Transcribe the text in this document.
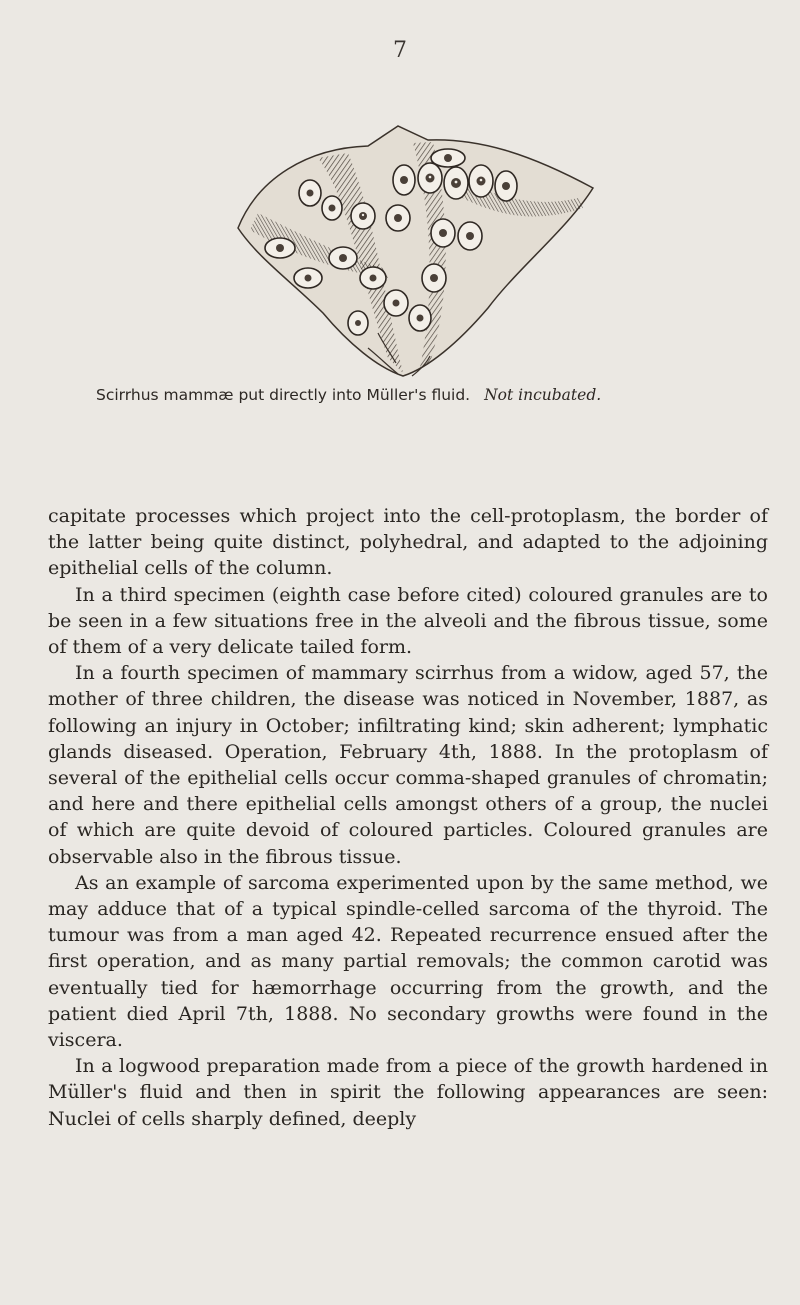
7
Scirrhus mammæ put directly into Müller's fluid. Not incubated.

capitate processes which project into the cell-protoplasm, the border of the latter being quite distinct, polyhedral, and adapted to the adjoining epithelial cells of the column.

In a third specimen (eighth case before cited) coloured granules are to be seen in a few situations free in the alveoli and the fibrous tissue, some of them of a very delicate tailed form.

In a fourth specimen of mammary scirrhus from a widow, aged 57, the mother of three children, the disease was noticed in November, 1887, as following an injury in October; infiltrating kind; skin adherent; lymphatic glands diseased. Operation, February 4th, 1888. In the protoplasm of several of the epithelial cells occur comma-shaped granules of chromatin; and here and there epithelial cells amongst others of a group, the nuclei of which are quite devoid of coloured particles. Coloured granules are observable also in the fibrous tissue.

As an example of sarcoma experimented upon by the same method, we may adduce that of a typical spindle-celled sarcoma of the thyroid. The tumour was from a man aged 42. Repeated recurrence ensued after the first operation, and as many partial removals; the common carotid was eventually tied for hæmorrhage occurring from the growth, and the patient died April 7th, 1888. No secondary growths were found in the viscera.

In a logwood preparation made from a piece of the growth hardened in Müller's fluid and then in spirit the following appearances are seen: Nuclei of cells sharply defined, deeply
